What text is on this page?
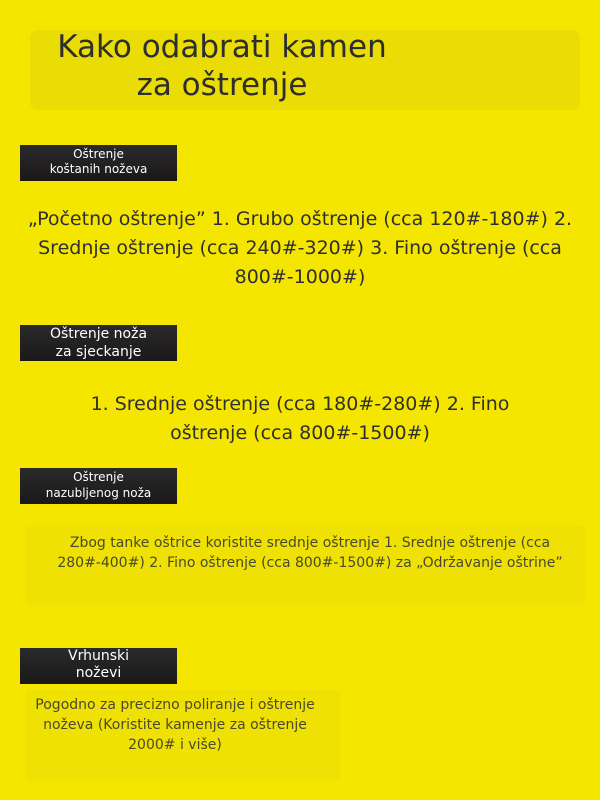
Kako odabrati kamen za oštrenje
Oštrenje
koštanih noževa

„Početno oštrenje” 1. Grubo oštrenje (cca 120#-180#) 2. Srednje oštrenje (cca 240#-320#) 3. Fino oštrenje (cca 800#-1000#)

Oštrenje noža
za sjeckanje

1. Srednje oštrenje (cca 180#-280#) 2. Fino oštrenje (cca 800#-1500#)

Oštrenje
nazubljenog noža

Zbog tanke oštrice koristite srednje oštrenje 1. Srednje oštrenje (cca 280#-400#) 2. Fino oštrenje (cca 800#-1500#) za „Održavanje oštrine”

Vrhunski
noževi

Pogodno za precizno poliranje i oštrenje noževa (Koristite kamenje za oštrenje 2000# i više)
